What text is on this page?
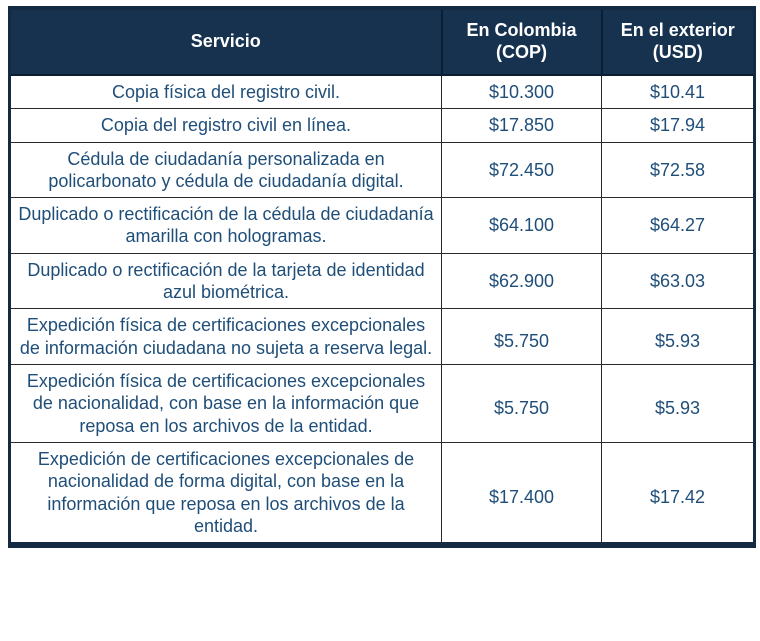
Servicio	En Colombia (COP)	En el exterior (USD)
Copia física del registro civil.	$10.300	$10.41
Copia del registro civil en línea.	$17.850	$17.94
Cédula de ciudadanía personalizada en policarbonato y cédula de ciudadanía digital.	$72.450	$72.58
Duplicado o rectificación de la cédula de ciudadanía amarilla con hologramas.	$64.100	$64.27
Duplicado o rectificación de la tarjeta de identidad azul biométrica.	$62.900	$63.03
Expedición física de certificaciones excepcionales de información ciudadana no sujeta a reserva legal.	$5.750	$5.93
Expedición física de certificaciones excepcionales de nacionalidad, con base en la información que reposa en los archivos de la entidad.	$5.750	$5.93
Expedición de certificaciones excepcionales de nacionalidad de forma digital, con base en la información que reposa en los archivos de la entidad.	$17.400	$17.42
